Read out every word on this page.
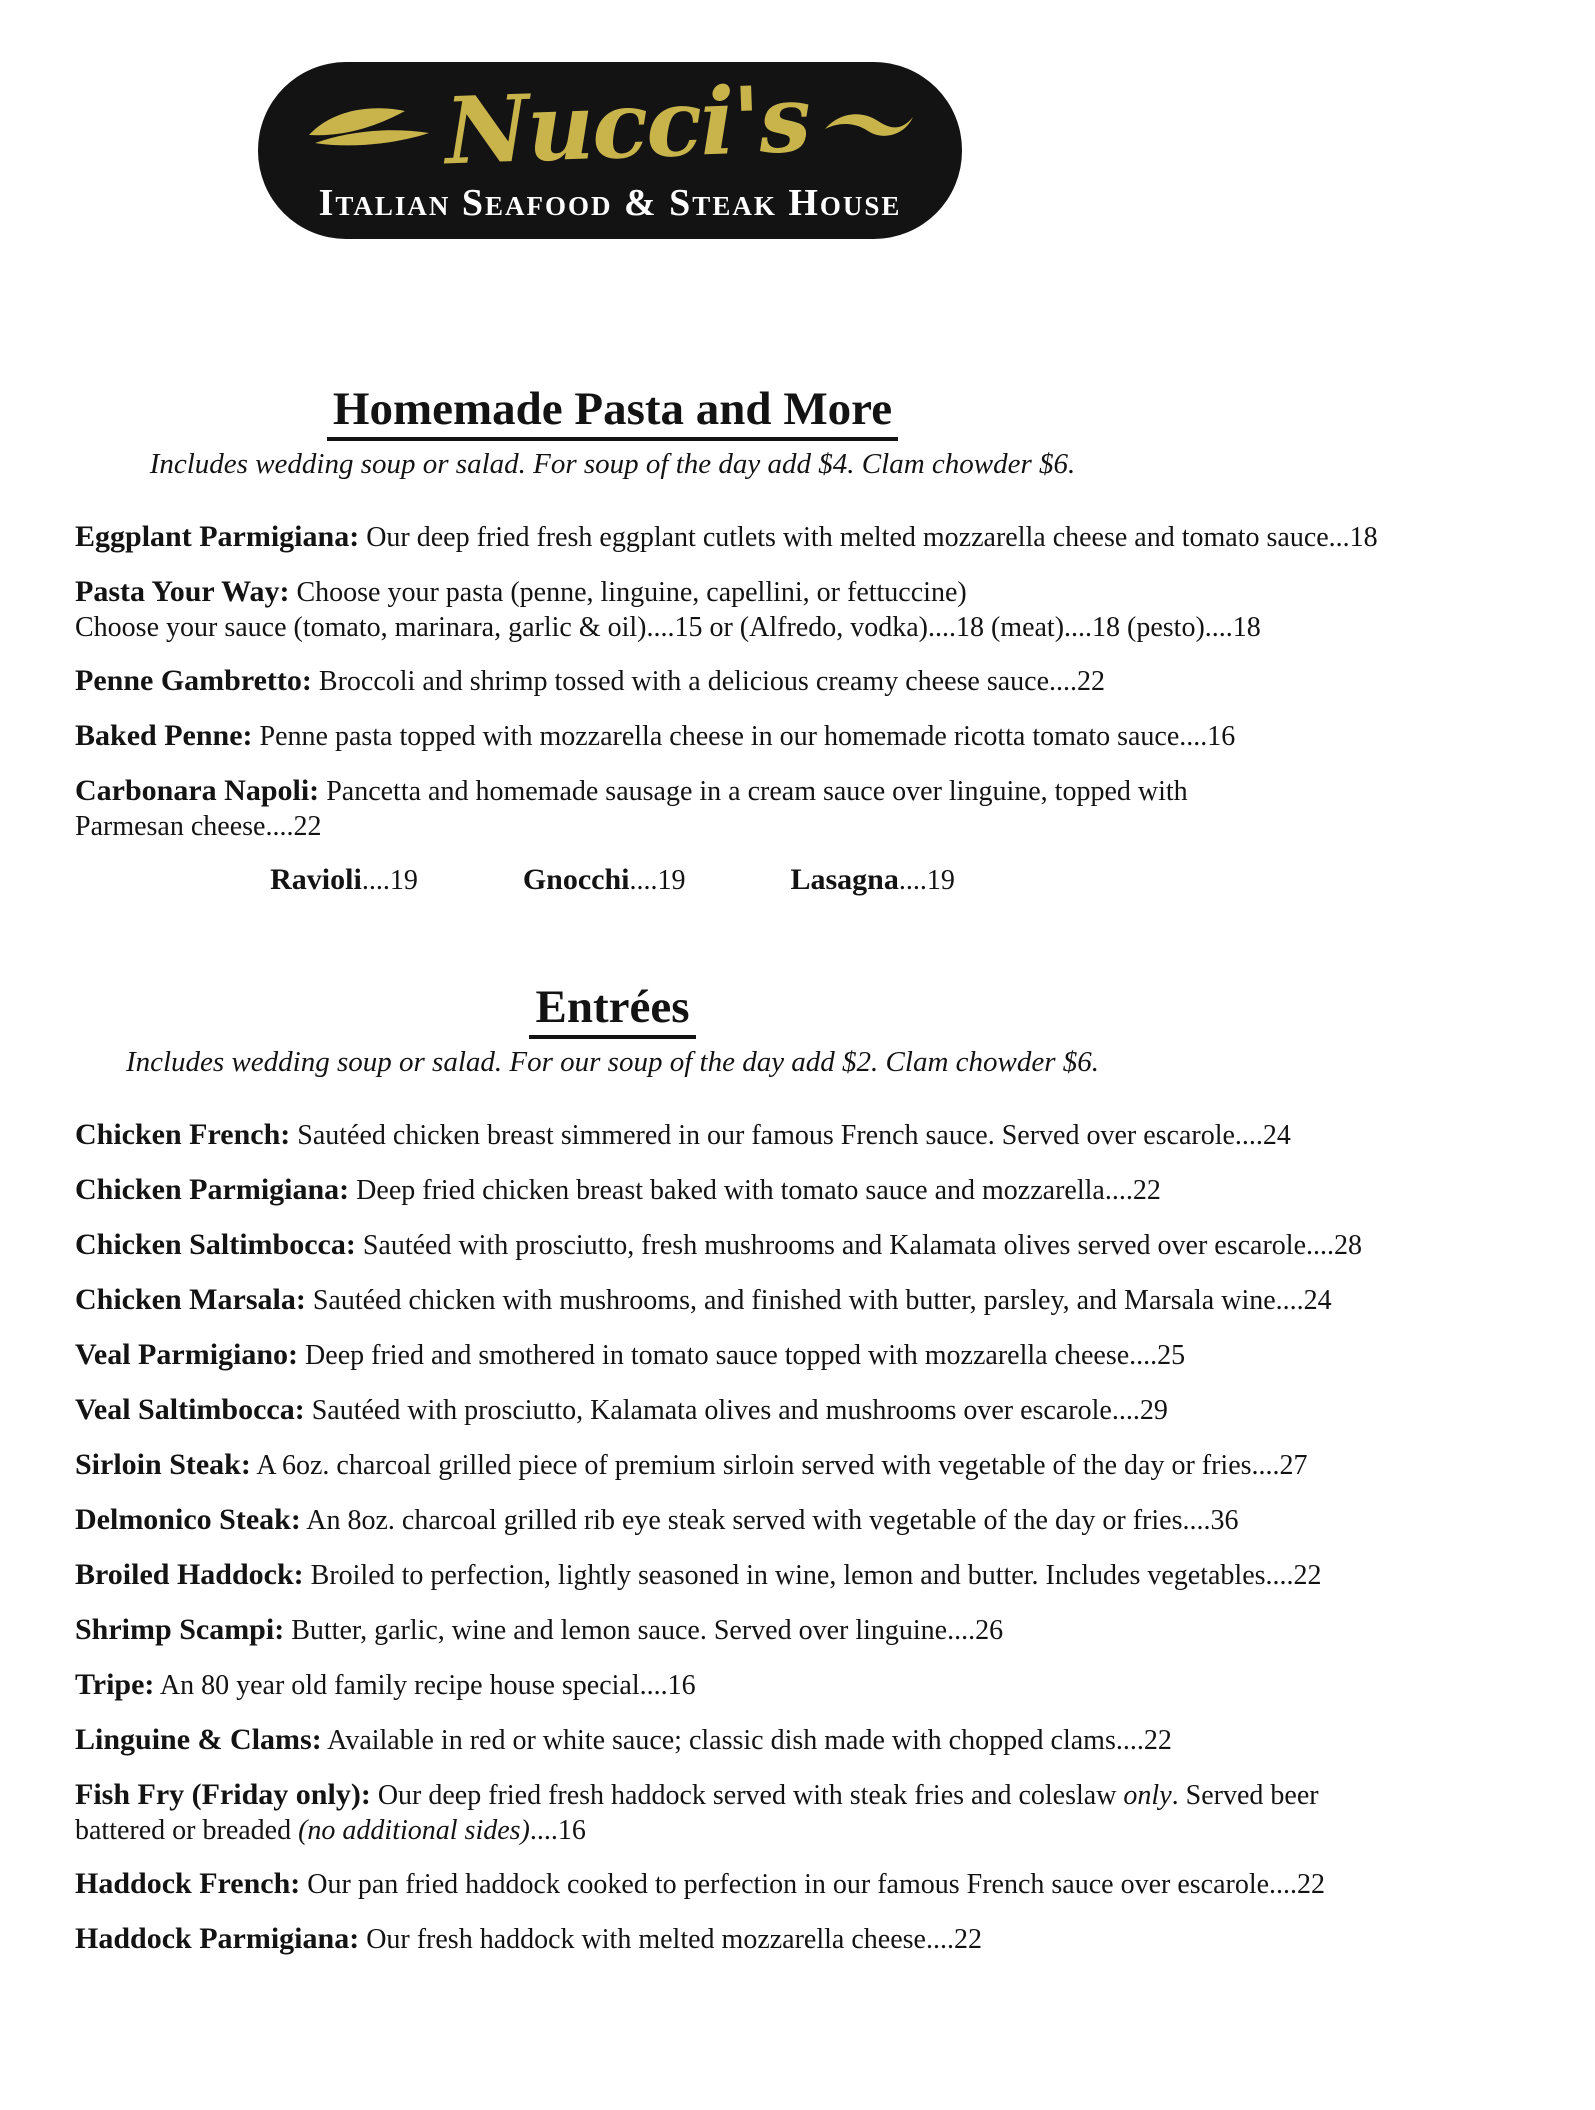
Nucci's
Italian Seafood & Steak House
Homemade Pasta and More
Includes wedding soup or salad. For soup of the day add $4. Clam chowder $6.
Eggplant Parmigiana: Our deep fried fresh eggplant cutlets with melted mozzarella cheese and tomato sauce...18
Pasta Your Way: Choose your pasta (penne, linguine, capellini, or fettuccine)
Choose your sauce (tomato, marinara, garlic & oil)....15 or (Alfredo, vodka)....18 (meat)....18 (pesto)....18
Penne Gambretto: Broccoli and shrimp tossed with a delicious creamy cheese sauce....22
Baked Penne: Penne pasta topped with mozzarella cheese in our homemade ricotta tomato sauce....16
Carbonara Napoli: Pancetta and homemade sausage in a cream sauce over linguine, topped with
Parmesan cheese....22
Ravioli....19	Gnocchi....19	Lasagna....19
Entrées
Includes wedding soup or salad. For our soup of the day add $2. Clam chowder $6.
Chicken French: Sautéed chicken breast simmered in our famous French sauce. Served over escarole....24
Chicken Parmigiana: Deep fried chicken breast baked with tomato sauce and mozzarella....22
Chicken Saltimbocca: Sautéed with prosciutto, fresh mushrooms and Kalamata olives served over escarole....28
Chicken Marsala: Sautéed chicken with mushrooms, and finished with butter, parsley, and Marsala wine....24
Veal Parmigiano: Deep fried and smothered in tomato sauce topped with mozzarella cheese....25
Veal Saltimbocca: Sautéed with prosciutto, Kalamata olives and mushrooms over escarole....29
Sirloin Steak: A 6oz. charcoal grilled piece of premium sirloin served with vegetable of the day or fries....27
Delmonico Steak: An 8oz. charcoal grilled rib eye steak served with vegetable of the day or fries....36
Broiled Haddock: Broiled to perfection, lightly seasoned in wine, lemon and butter. Includes vegetables....22
Shrimp Scampi: Butter, garlic, wine and lemon sauce. Served over linguine....26
Tripe: An 80 year old family recipe house special....16
Linguine & Clams: Available in red or white sauce; classic dish made with chopped clams....22
Fish Fry (Friday only): Our deep fried fresh haddock served with steak fries and coleslaw only. Served beer
battered or breaded (no additional sides)....16
Haddock French: Our pan fried haddock cooked to perfection in our famous French sauce over escarole....22
Haddock Parmigiana: Our fresh haddock with melted mozzarella cheese....22
